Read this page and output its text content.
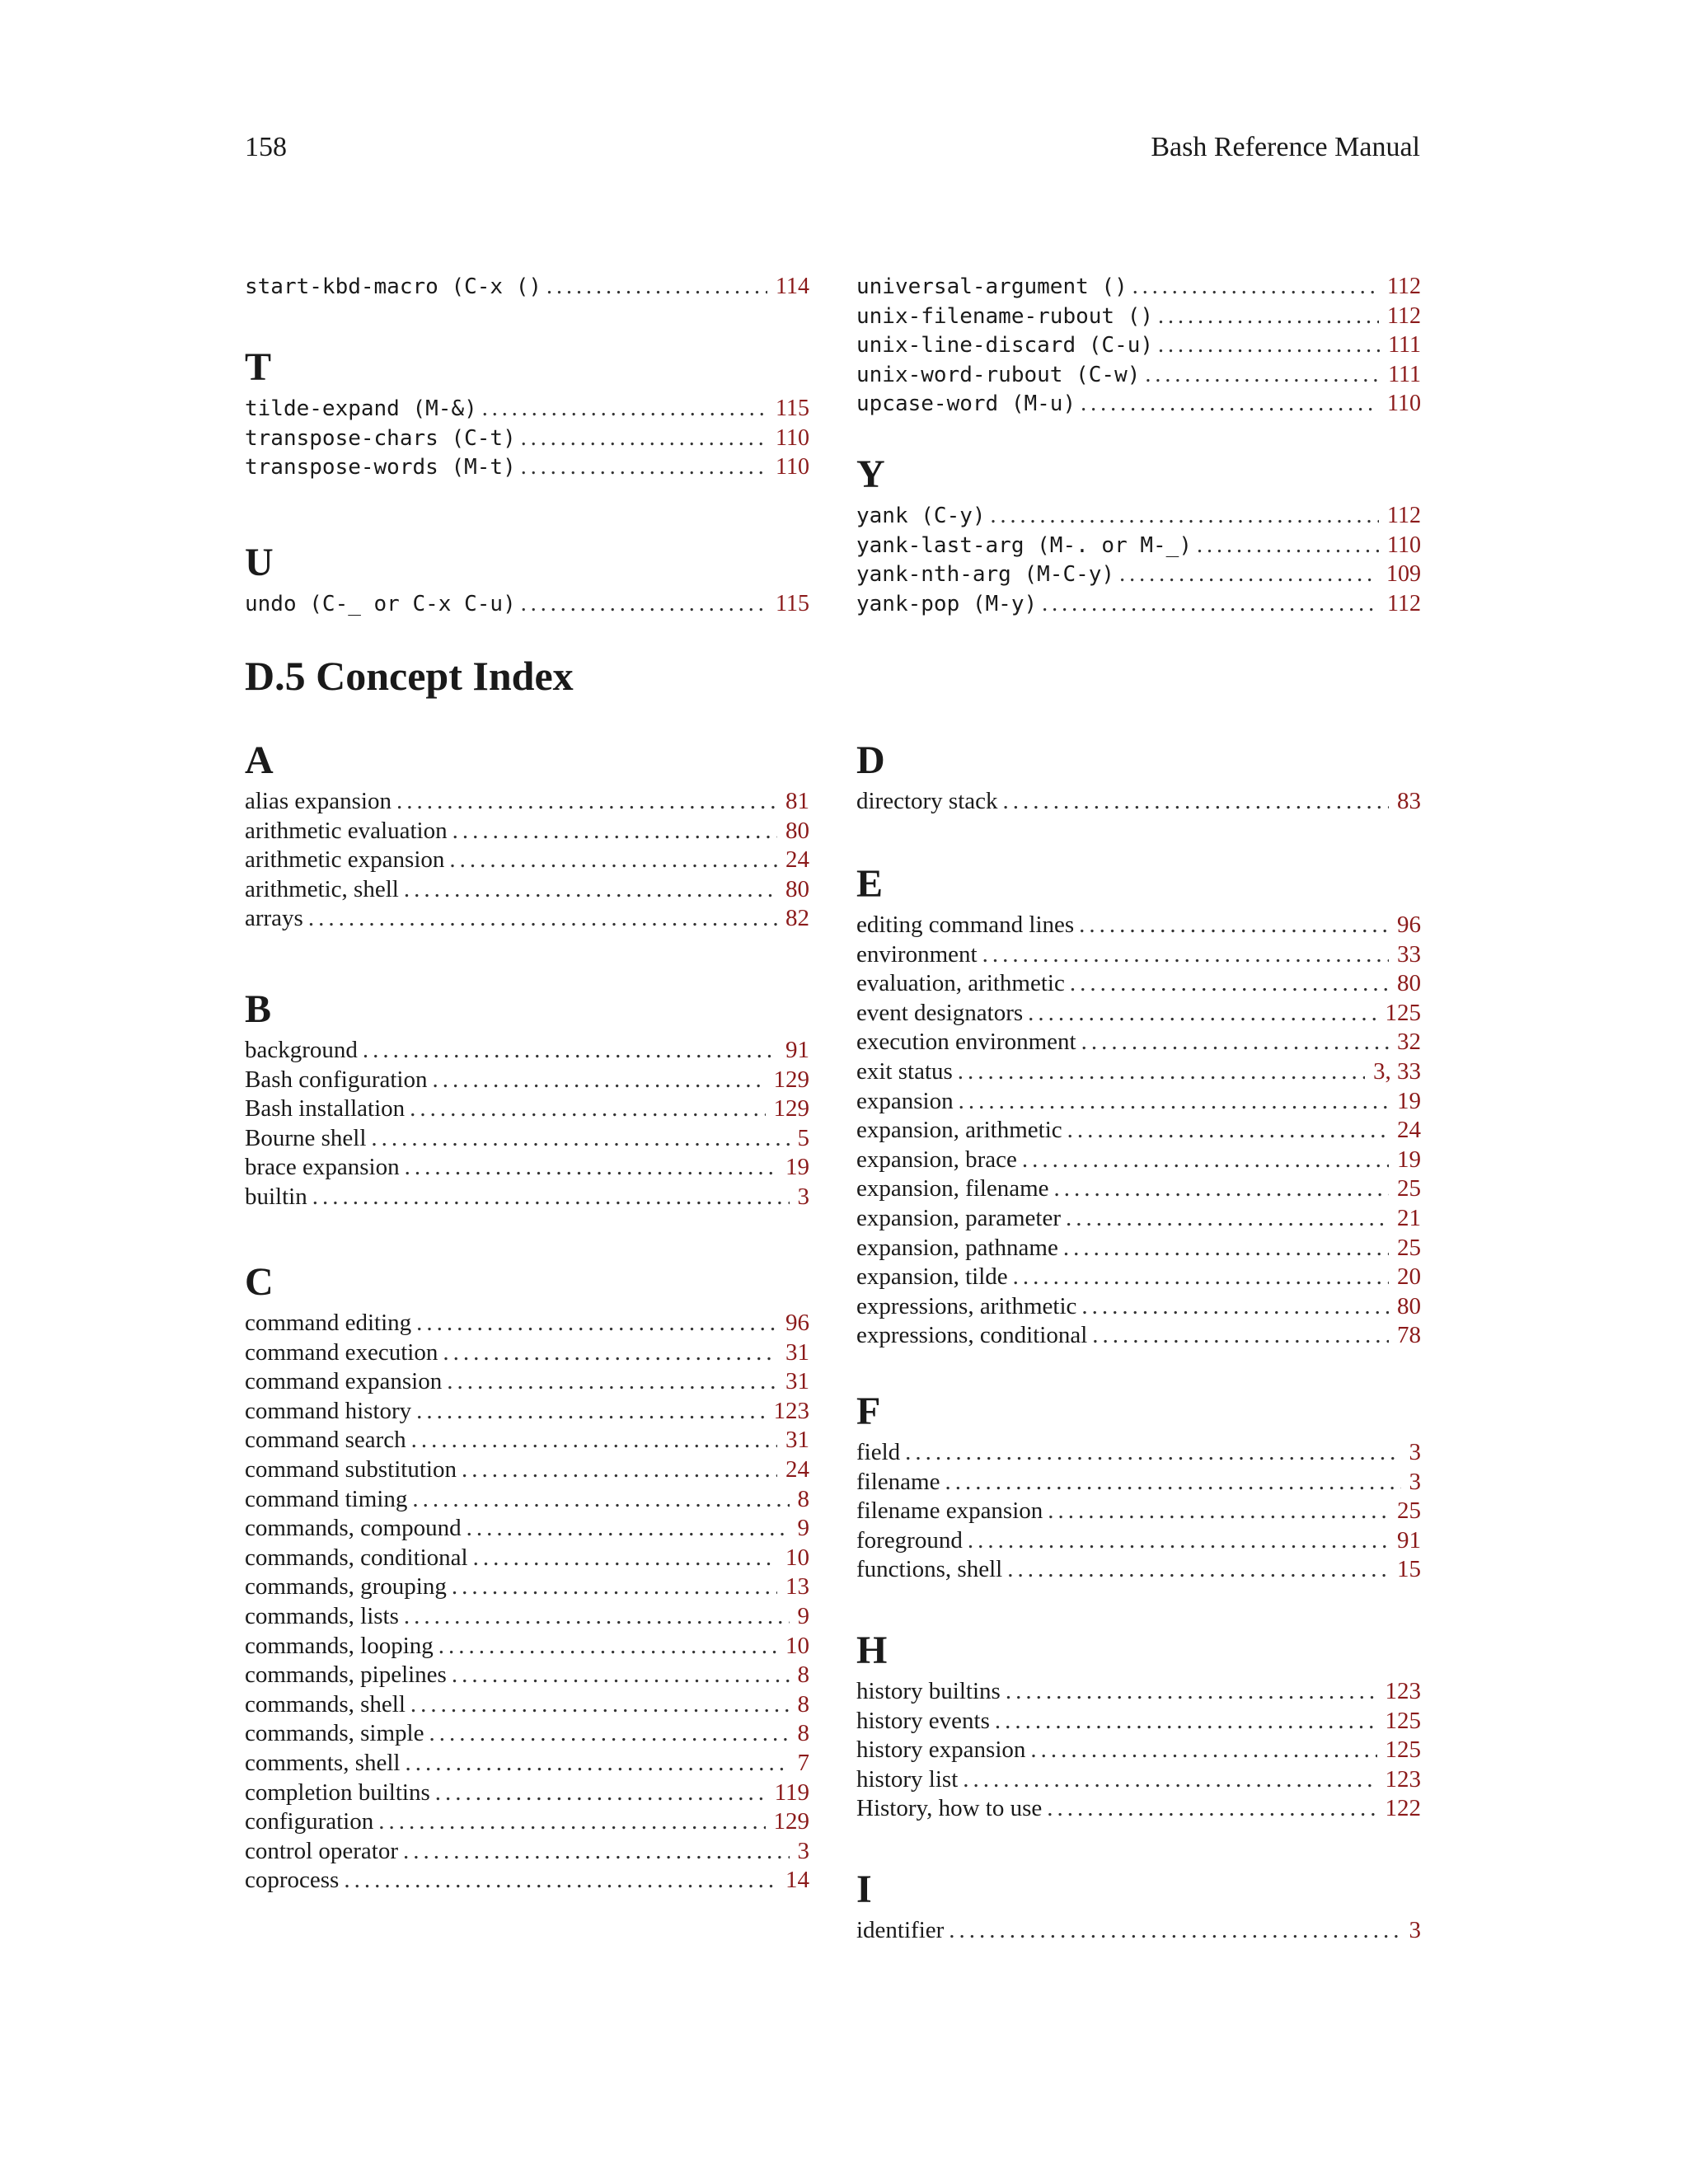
158	Bash Reference Manual
start-kbd-macro (C-x () .....	114
T
tilde-expand (M-&) .....	115
transpose-chars (C-t) .....	110
transpose-words (M-t) .....	110
U
undo (C-_ or C-x C-u) .....	115
universal-argument () .....	112
unix-filename-rubout () .....	112
unix-line-discard (C-u) .....	111
unix-word-rubout (C-w) .....	111
upcase-word (M-u) .....	110
Y
yank (C-y) .....	112
yank-last-arg (M-. or M-_) .....	110
yank-nth-arg (M-C-y) .....	109
yank-pop (M-y) .....	112
D.5 Concept Index
A
alias expansion .....	81
arithmetic evaluation .....	80
arithmetic expansion .....	24
arithmetic, shell .....	80
arrays .....	82
B
background .....	91
Bash configuration .....	129
Bash installation .....	129
Bourne shell .....	5
brace expansion .....	19
builtin .....	3
C
command editing .....	96
command execution .....	31
command expansion .....	31
command history .....	123
command search .....	31
command substitution .....	24
command timing .....	8
commands, compound .....	9
commands, conditional .....	10
commands, grouping .....	13
commands, lists .....	9
commands, looping .....	10
commands, pipelines .....	8
commands, shell .....	8
commands, simple .....	8
comments, shell .....	7
completion builtins .....	119
configuration .....	129
control operator .....	3
coprocess .....	14
D
directory stack .....	83
E
editing command lines .....	96
environment .....	33
evaluation, arithmetic .....	80
event designators .....	125
execution environment .....	32
exit status .....	3, 33
expansion .....	19
expansion, arithmetic .....	24
expansion, brace .....	19
expansion, filename .....	25
expansion, parameter .....	21
expansion, pathname .....	25
expansion, tilde .....	20
expressions, arithmetic .....	80
expressions, conditional .....	78
F
field .....	3
filename .....	3
filename expansion .....	25
foreground .....	91
functions, shell .....	15
H
history builtins .....	123
history events .....	125
history expansion .....	125
history list .....	123
History, how to use .....	122
I
identifier .....	3
